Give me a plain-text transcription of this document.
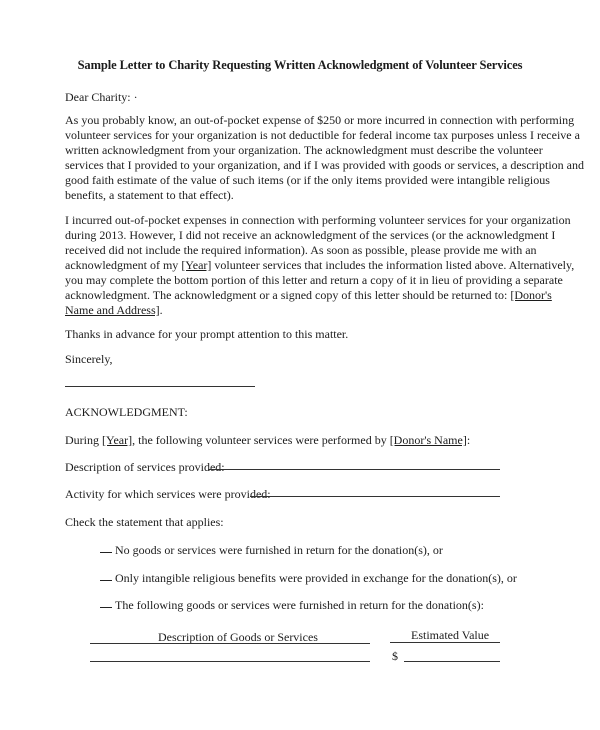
Sample Letter to Charity Requesting Written Acknowledgment of Volunteer Services
Dear Charity: ·
As you probably know, an out-of-pocket expense of $250 or more incurred in connection with performing
volunteer services for your organization is not deductible for federal income tax purposes unless I receive a
written acknowledgment from your organization. The acknowledgment must describe the volunteer
services that I provided to your organization, and if I was provided with goods or services, a description and
good faith estimate of the value of such items (or if the only items provided were intangible religious
benefits, a statement to that effect).
I incurred out-of-pocket expenses in connection with performing volunteer services for your organization
during 2013. However, I did not receive an acknowledgment of the services (or the acknowledgment I
received did not include the required information). As soon as possible, please provide me with an
acknowledgment of my [Year] volunteer services that includes the information listed above. Alternatively,
you may complete the bottom portion of this letter and return a copy of it in lieu of providing a separate
acknowledgment. The acknowledgment or a signed copy of this letter should be returned to: [Donor's
Name and Address].
Thanks in advance for your prompt attention to this matter.
Sincerely,
ACKNOWLEDGMENT:
During [Year], the following volunteer services were performed by [Donor's Name]:
Description of services provided:
Activity for which services were provided:
Check the statement that applies:
No goods or services were furnished in return for the donation(s), or
Only intangible religious benefits were provided in exchange for the donation(s), or
The following goods or services were furnished in return for the donation(s):
Description of Goods or Services	Estimated Value
$
